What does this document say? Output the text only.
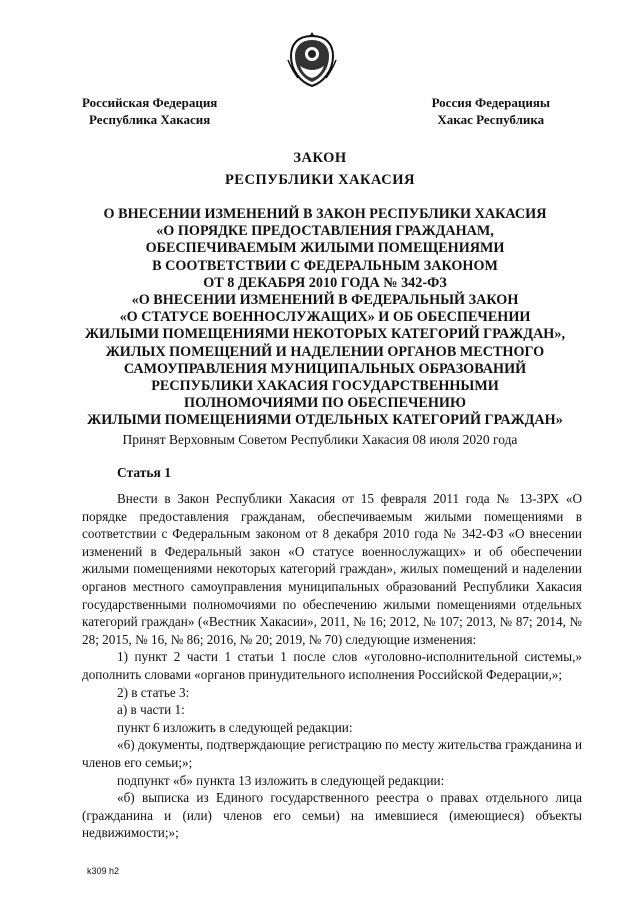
Российская Федерация
Республика Хакасия
Россия Федерацияы
Хакас Республика
ЗАКОН
РЕСПУБЛИКИ ХАКАСИЯ
О ВНЕСЕНИИ ИЗМЕНЕНИЙ В ЗАКОН РЕСПУБЛИКИ ХАКАСИЯ
«О ПОРЯДКЕ ПРЕДОСТАВЛЕНИЯ ГРАЖДАНАМ,
ОБЕСПЕЧИВАЕМЫМ ЖИЛЫМИ ПОМЕЩЕНИЯМИ
В СООТВЕТСТВИИ С ФЕДЕРАЛЬНЫМ ЗАКОНОМ
ОТ 8 ДЕКАБРЯ 2010 ГОДА № 342-ФЗ
«О ВНЕСЕНИИ ИЗМЕНЕНИЙ В ФЕДЕРАЛЬНЫЙ ЗАКОН
«О СТАТУСЕ ВОЕННОСЛУЖАЩИХ» И ОБ ОБЕСПЕЧЕНИИ
ЖИЛЫМИ ПОМЕЩЕНИЯМИ НЕКОТОРЫХ КАТЕГОРИЙ ГРАЖДАН»,
ЖИЛЫХ ПОМЕЩЕНИЙ И НАДЕЛЕНИИ ОРГАНОВ МЕСТНОГО
САМОУПРАВЛЕНИЯ МУНИЦИПАЛЬНЫХ ОБРАЗОВАНИЙ
РЕСПУБЛИКИ ХАКАСИЯ ГОСУДАРСТВЕННЫМИ
ПОЛНОМОЧИЯМИ ПО ОБЕСПЕЧЕНИЮ
ЖИЛЫМИ ПОМЕЩЕНИЯМИ ОТДЕЛЬНЫХ КАТЕГОРИЙ ГРАЖДАН»
Принят Верховным Советом Республики Хакасия 08 июля 2020 года
Статья 1

Внести в Закон Республики Хакасия от 15 февраля 2011 года № 13-ЗРХ «О порядке предоставления гражданам, обеспечиваемым жилыми помещениями в соответствии с Федеральным законом от 8 декабря 2010 года № 342-ФЗ «О внесении изменений в Федеральный закон «О статусе военнослужащих» и об обеспечении жилыми помещениями некоторых категорий граждан», жилых помещений и наделении органов местного самоуправления муниципальных образований Республики Хакасия государственными полномочиями по обеспечению жилыми помещениями отдельных категорий граждан» («Вестник Хакасии», 2011, № 16; 2012, № 107; 2013, № 87; 2014, № 28; 2015, № 16, № 86; 2016, № 20; 2019, № 70) следующие изменения:

1) пункт 2 части 1 статьи 1 после слов «уголовно-исполнительной системы,» дополнить словами «органов принудительного исполнения Российской Федерации,»;

2) в статье 3:

а) в части 1:

пункт 6 изложить в следующей редакции:

«6) документы, подтверждающие регистрацию по месту жительства гражданина и членов его семьи;»;

подпункт «б» пункта 13 изложить в следующей редакции:

«б) выписка из Единого государственного реестра о правах отдельного лица (гражданина и (или) членов его семьи) на имевшиеся (имеющиеся) объекты недвижимости;»;

k309 h2
